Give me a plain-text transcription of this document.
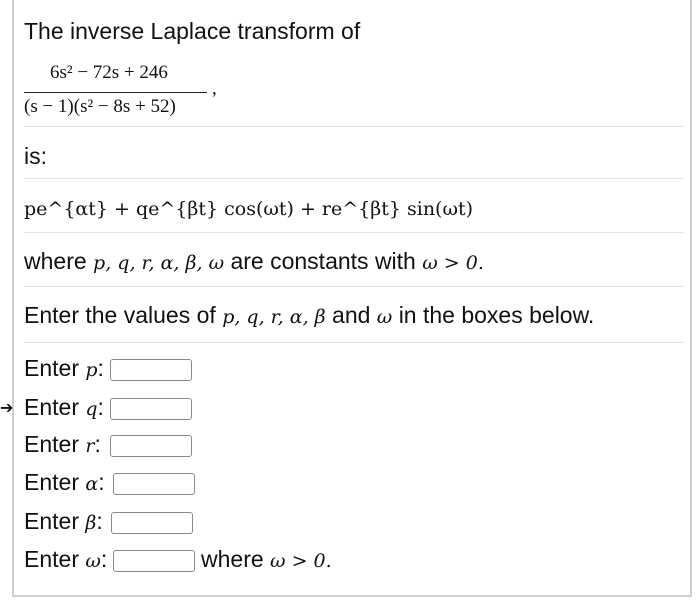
The inverse Laplace transform of
6s² − 72s + 246
(s − 1)(s² − 8s + 52)
,
is:
pe^{αt} + qe^{βt} cos(ωt) + re^{βt} sin(ωt)
where p, q, r, α, β, ω are constants with ω > 0.
Enter the values of p, q, r, α, β and ω in the boxes below.
Enter p:
➔ Enter q:
Enter r:
Enter α:
Enter β:
Enter ω:	where ω > 0.
